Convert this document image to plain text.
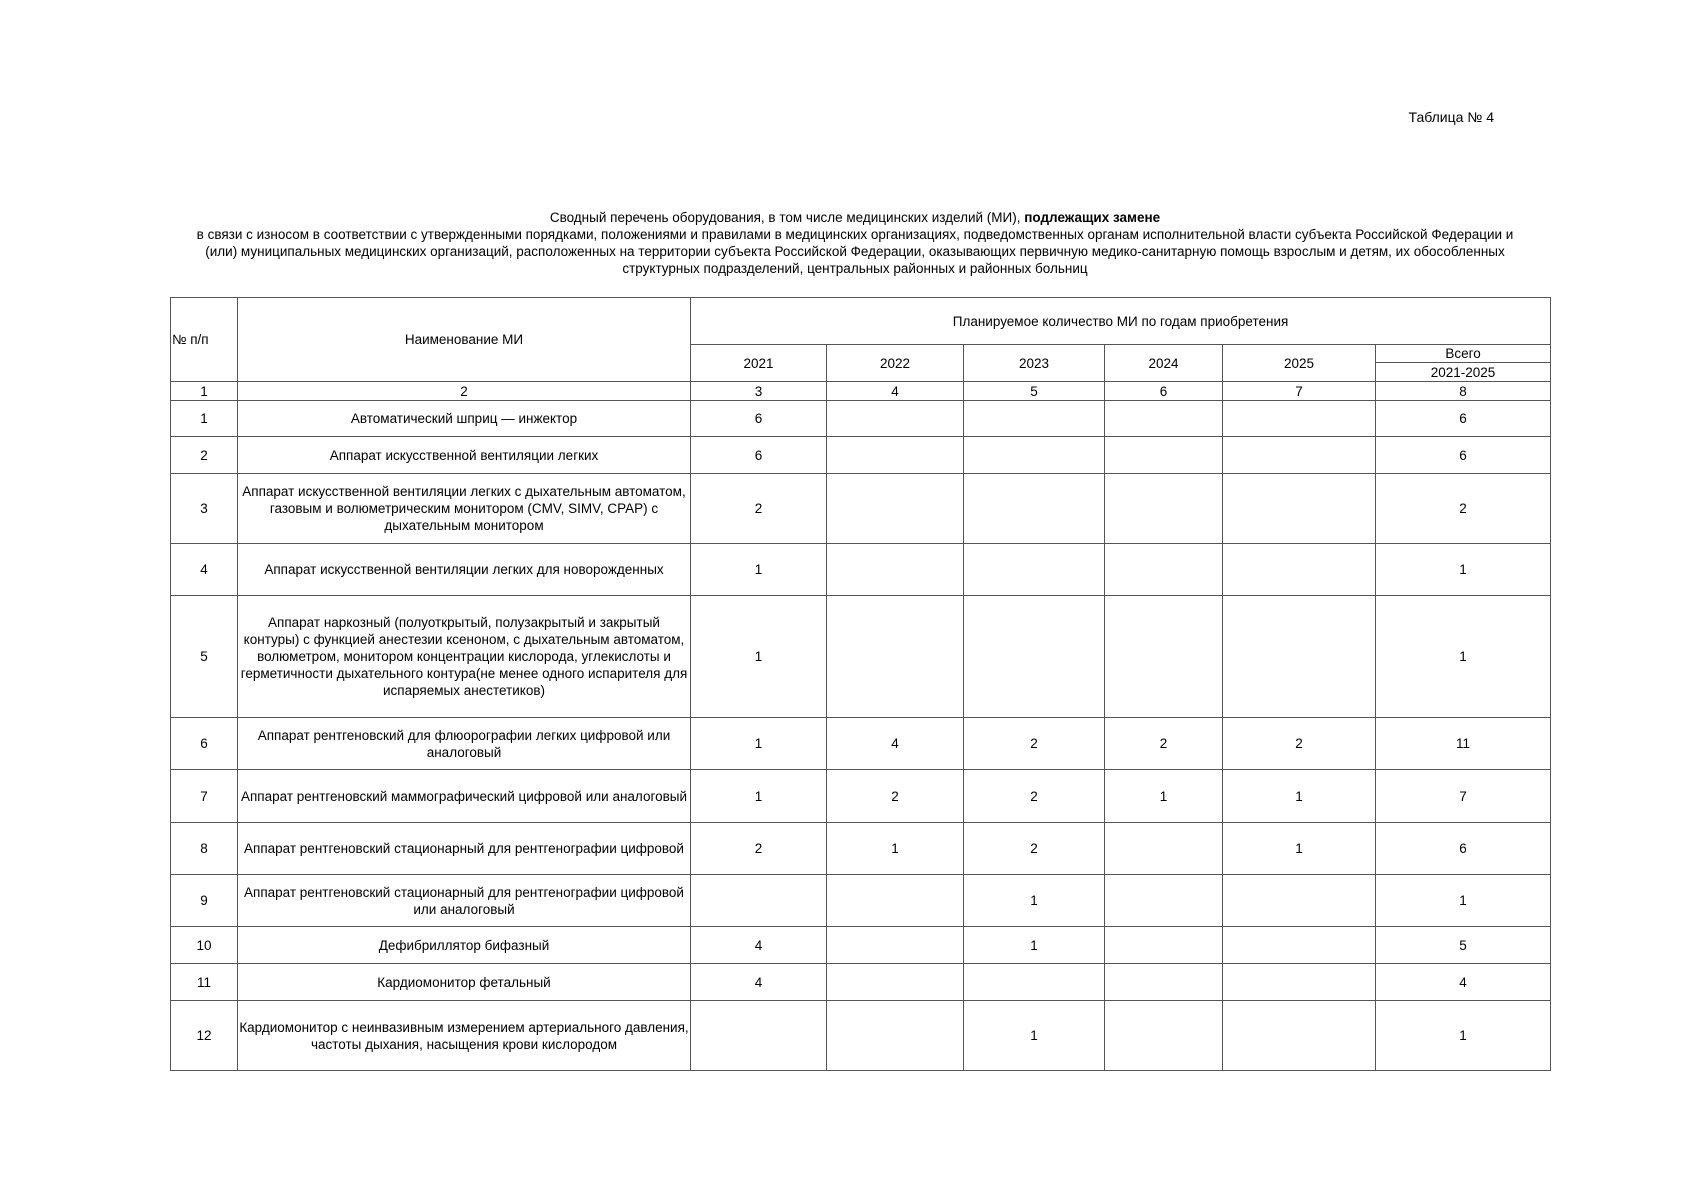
Таблица № 4
Сводный перечень оборудования, в том числе медицинских изделий (МИ), подлежащих замене
в связи с износом в соответствии с утвержденными порядками, положениями и правилами в медицинских организациях, подведомственных органам исполнительной власти субъекта Российской Федерации и (или) муниципальных медицинских организаций, расположенных на территории субъекта Российской Федерации, оказывающих первичную медико-санитарную помощь взрослым и детям, их обособленных структурных подразделений, центральных районных и районных больниц
№ п/п	Наименование МИ	Планируемое количество МИ по годам приобретения					
		2021	2022	2023	2024	2025	Всего
							2021-2025
1	2	3	4	5	6	7	8
1	Автоматический шприц — инжектор	6					6
2	Аппарат искусственной вентиляции легких	6					6
3	Аппарат искусственной вентиляции легких с дыхательным автоматом, газовым и волюметрическим монитором (CMV, SIMV, CPAP) с дыхательным монитором	2					2
4	Аппарат искусственной вентиляции легких для новорожденных	1					1
5	Аппарат наркозный (полуоткрытый, полузакрытый и закрытый контуры) с функцией анестезии ксеноном, с дыхательным автоматом, волюметром, монитором концентрации кислорода, углекислоты и герметичности дыхательного контура(не менее одного испарителя для испаряемых анестетиков)	1					1
6	Аппарат рентгеновский для флюорографии легких цифровой или аналоговый	1	4	2	2	2	11
7	Аппарат рентгеновский маммографический цифровой или аналоговый	1	2	2	1	1	7
8	Аппарат рентгеновский стационарный для рентгенографии цифровой	2	1	2		1	6
9	Аппарат рентгеновский стационарный для рентгенографии цифровой или аналоговый			1			1
10	Дефибриллятор бифазный	4		1			5
11	Кардиомонитор фетальный	4					4
12	Кардиомонитор с неинвазивным измерением артериального давления, частоты дыхания, насыщения крови кислородом			1			1
